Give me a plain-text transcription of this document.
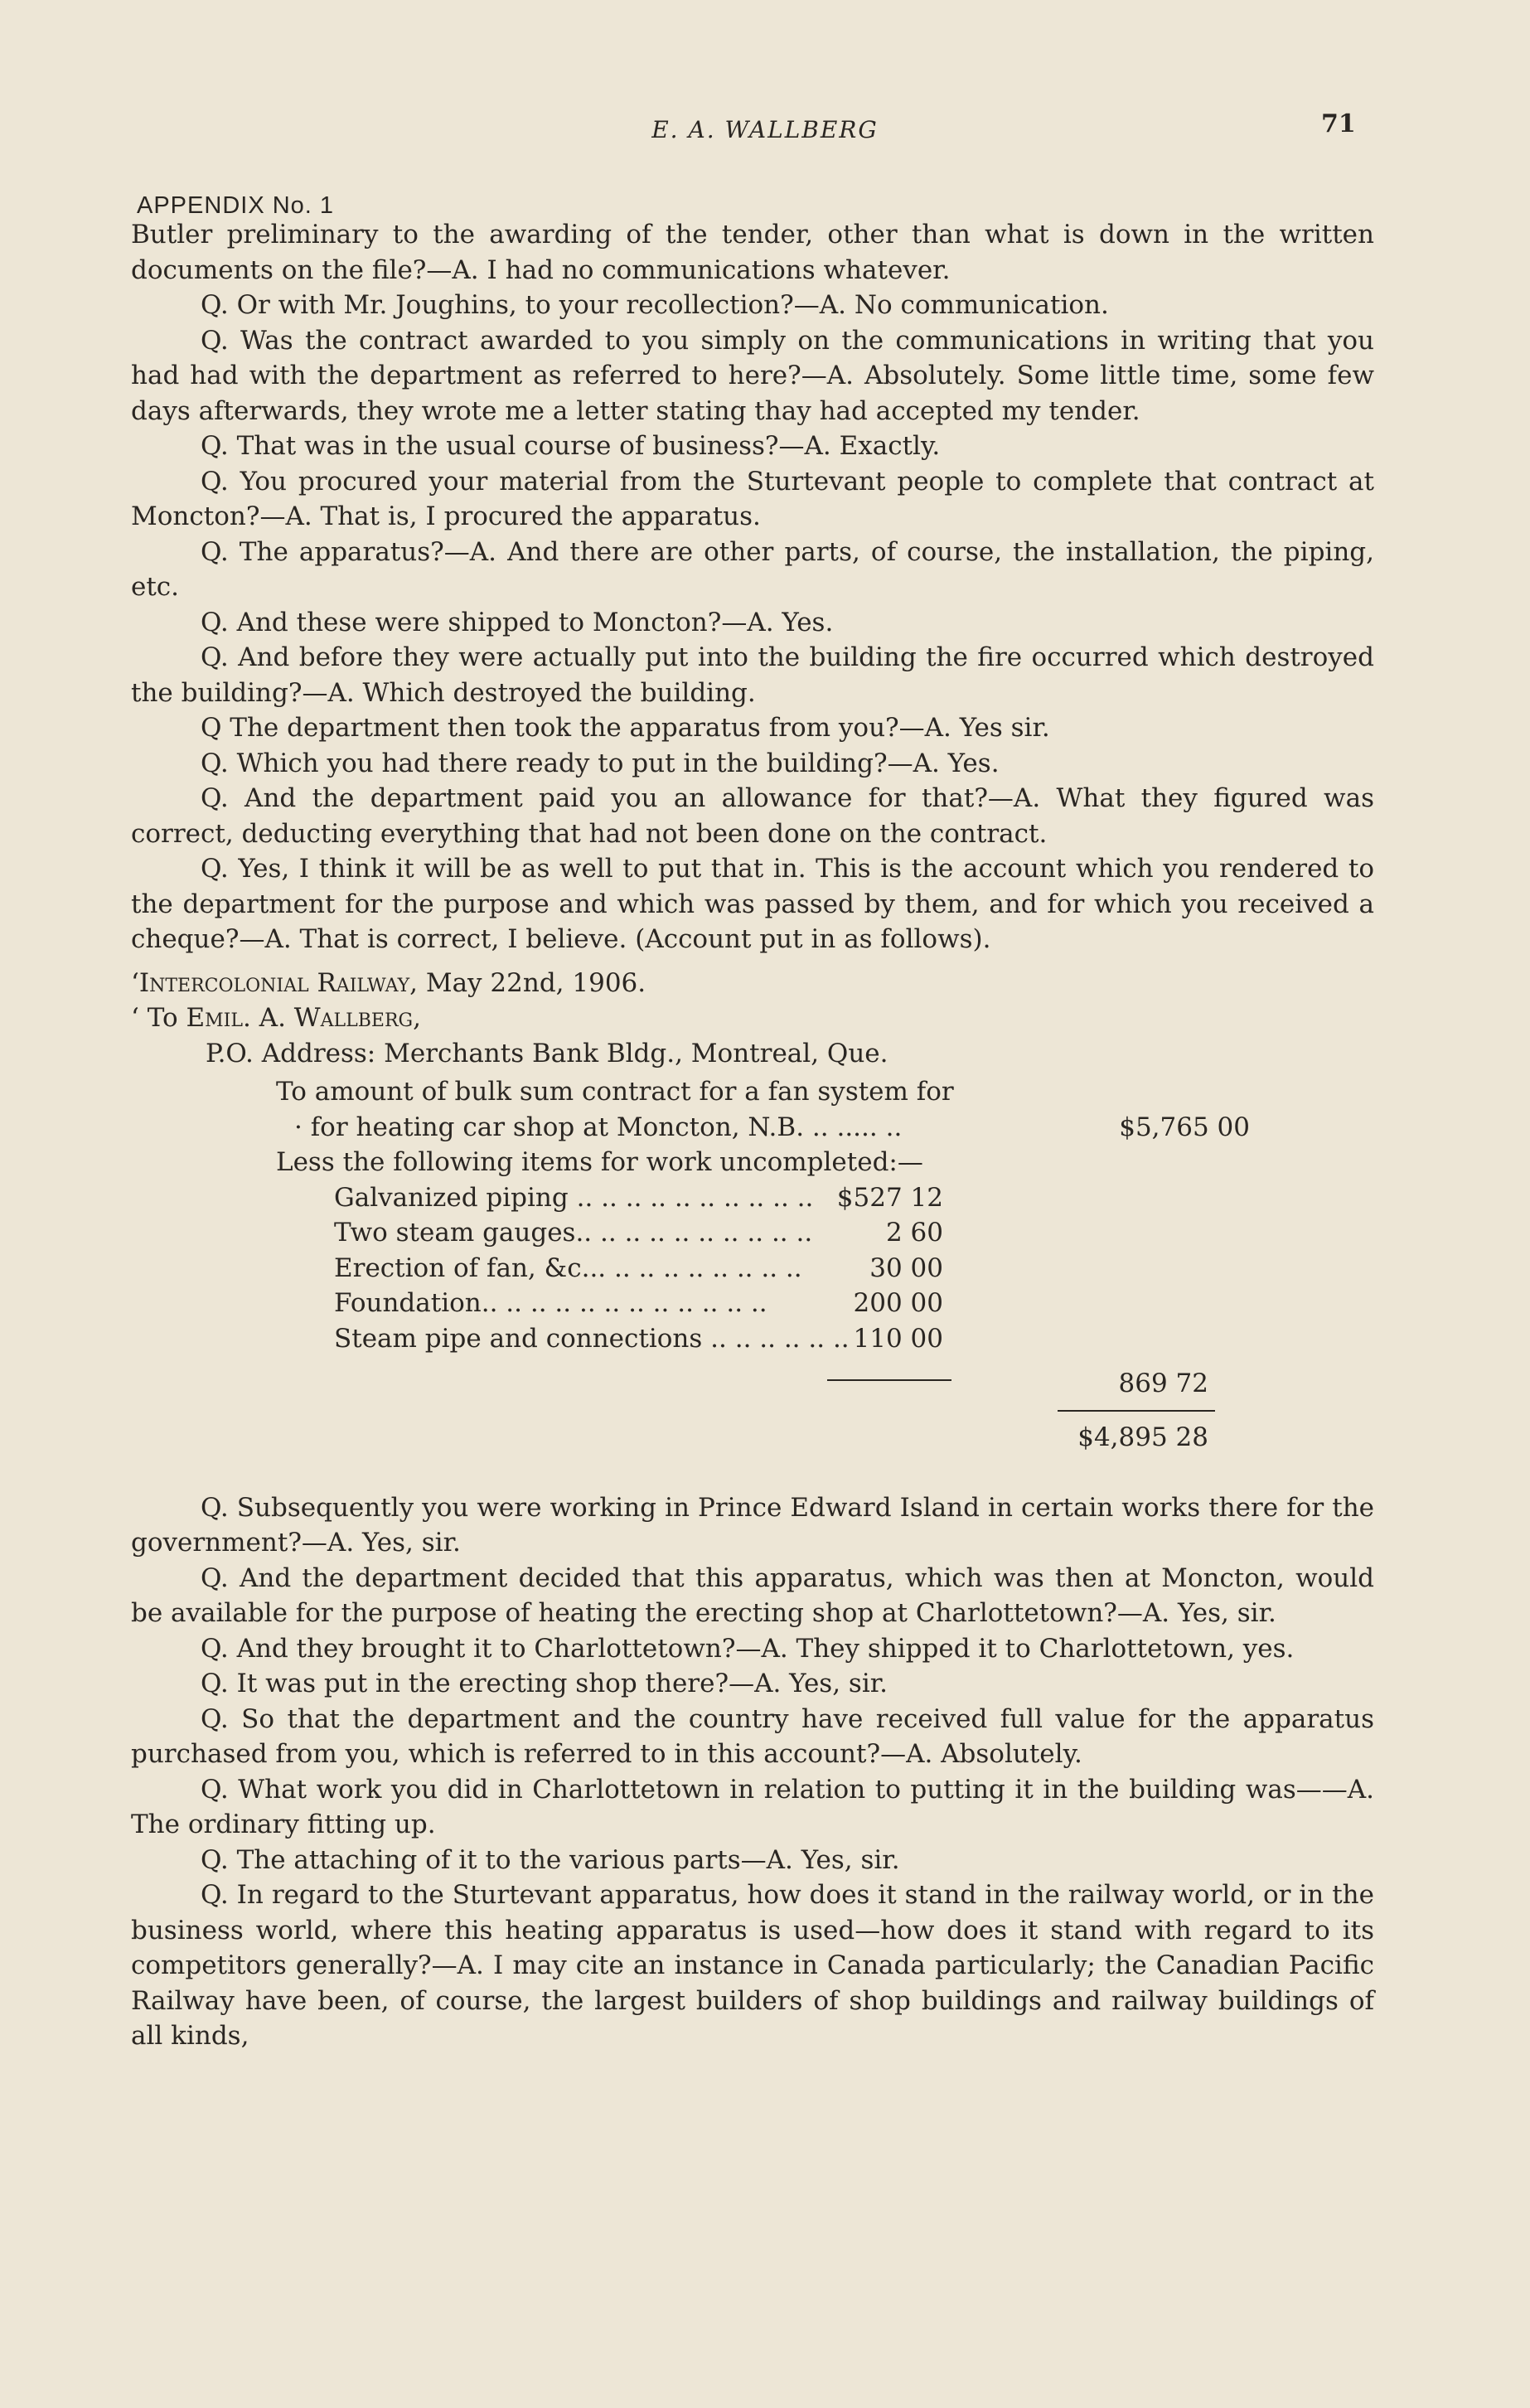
E. A. WALLBERG	71
APPENDIX No. 1

Butler preliminary to the awarding of the tender, other than what is down in the written documents on the file?—A. I had no communications whatever.

Q. Or with Mr. Joughins, to your recollection?—A. No communication.

Q. Was the contract awarded to you simply on the communications in writing that you had had with the department as referred to here?—A. Absolutely. Some little time, some few days afterwards, they wrote me a letter stating thay had accepted my tender.

Q. That was in the usual course of business?—A. Exactly.

Q. You procured your material from the Sturtevant people to complete that contract at Moncton?—A. That is, I procured the apparatus.

Q. The apparatus?—A. And there are other parts, of course, the installation, the piping, etc.

Q. And these were shipped to Moncton?—A. Yes.

Q. And before they were actually put into the building the fire occurred which destroyed the building?—A. Which destroyed the building.

Q The department then took the apparatus from you?—A. Yes sir.

Q. Which you had there ready to put in the building?—A. Yes.

Q. And the department paid you an allowance for that?—A. What they figured was correct, deducting everything that had not been done on the contract.

Q. Yes, I think it will be as well to put that in. This is the account which you rendered to the department for the purpose and which was passed by them, and for which you received a cheque?—A. That is correct, I believe. (Account put in as follows).

‘Intercolonial Railway, May 22nd, 1906.

‘ To Emil. A. Wallberg,

P.O. Address: Merchants Bank Bldg., Montreal, Que.

To amount of bulk sum contract for a fan system for
· for heating car shop at Moncton, N.B. .. ..... ..	$5,765 00
Less the following items for work uncompleted:—
Galvanized piping .. .. .. .. .. .. .. .. .. .. $527 12
Two steam gauges.. .. .. .. .. .. .. .. .. ..	2 60
Erection of fan, &c... .. .. .. .. .. .. .. ..	30 00
Foundation.. .. .. .. .. .. .. .. .. .. .. ..	200 00
Steam pipe and connections .. .. .. .. .. .. 110 00
869 72
$4,895 28

Q. Subsequently you were working in Prince Edward Island in certain works there for the government?—A. Yes, sir.

Q. And the department decided that this apparatus, which was then at Moncton, would be available for the purpose of heating the erecting shop at Charlottetown?—A. Yes, sir.

Q. And they brought it to Charlottetown?—A. They shipped it to Charlottetown, yes.

Q. It was put in the erecting shop there?—A. Yes, sir.

Q. So that the department and the country have received full value for the apparatus purchased from you, which is referred to in this account?—A. Absolutely.

Q. What work you did in Charlottetown in relation to putting it in the building was——A. The ordinary fitting up.

Q. The attaching of it to the various parts—A. Yes, sir.

Q. In regard to the Sturtevant apparatus, how does it stand in the railway world, or in the business world, where this heating apparatus is used—how does it stand with regard to its competitors generally?—A. I may cite an instance in Canada particularly; the Canadian Pacific Railway have been, of course, the largest builders of shop buildings and railway buildings of all kinds,
